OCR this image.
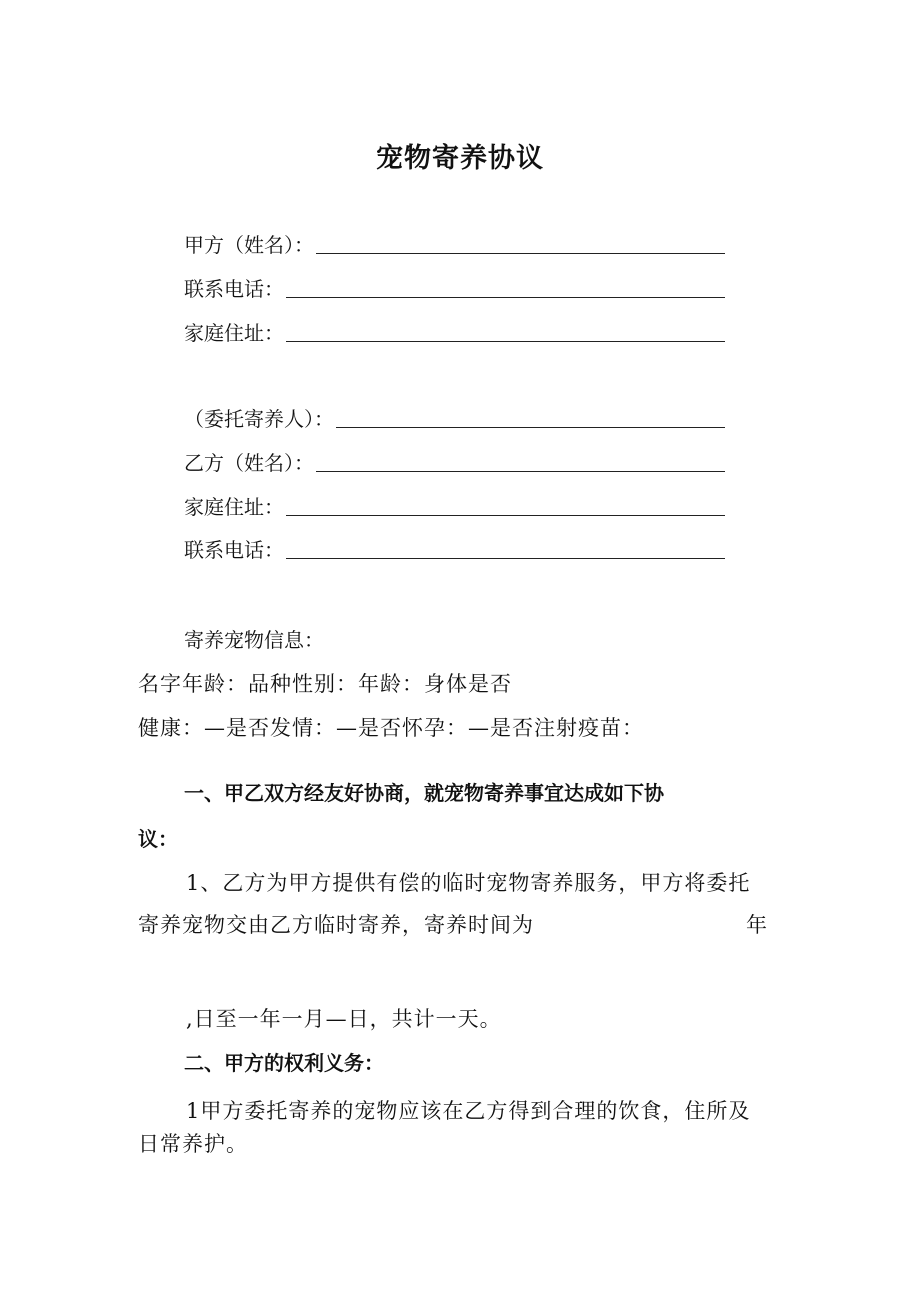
宠物寄养协议
甲方（姓名）：
联系电话：
家庭住址：
（委托寄养人）：
乙方（姓名）：
家庭住址：
联系电话：
寄养宠物信息：
名字年龄：品种性别：年龄：身体是否
健康：—是否发情：—是否怀孕：—是否注射疫苗：
一、甲乙双方经友好协商，就宠物寄养事宜达成如下协
议：
1、乙方为甲方提供有偿的临时宠物寄养服务，甲方将委托
寄养宠物交由乙方临时寄养，寄养时间为	年
,日至一年一月—日，共计一天。
二、甲方的权利义务：
1甲方委托寄养的宠物应该在乙方得到合理的饮食，住所及
日常养护。
